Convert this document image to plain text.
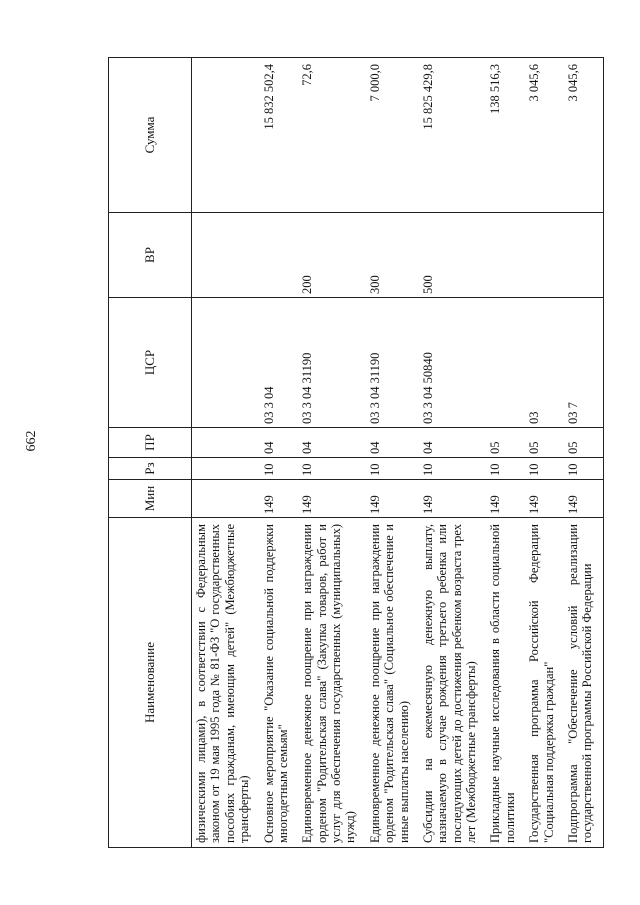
662
Наименование	Мин	Рз	ПР	ЦСР	ВР	Сумма
физическими лицами), в соответствии с Федеральным законом от 19 мая 1995 года № 81-ФЗ "О государственных пособиях гражданам, имеющим детей" (Межбюджетные трансферты)						
Основное мероприятие "Оказание социальной поддержки многодетным семьям"	149	10	04	03 3 04		15 832 502,4
Единовременное денежное поощрение при награждении орденом "Родительская слава" (Закупка товаров, работ и услуг для обеспечения государственных (муниципальных) нужд)	149	10	04	03 3 04 31190	200	72,6
Единовременное денежное поощрение при награждении орденом "Родительская слава" (Социальное обеспечение и иные выплаты населению)	149	10	04	03 3 04 31190	300	7 000,0
Субсидии на ежемесячную денежную выплату, назначаемую в случае рождения третьего ребенка или последующих детей до достижения ребенком возраста трех лет (Межбюджетные трансферты)	149	10	04	03 3 04 50840	500	15 825 429,8
Прикладные научные исследования в области социальной политики	149	10	05			138 516,3
Государственная программа Российской Федерации "Социальная поддержка граждан"	149	10	05	03		3 045,6
Подпрограмма "Обеспечение условий реализации государственной программы Российской Федерации	149	10	05	03 7		3 045,6
